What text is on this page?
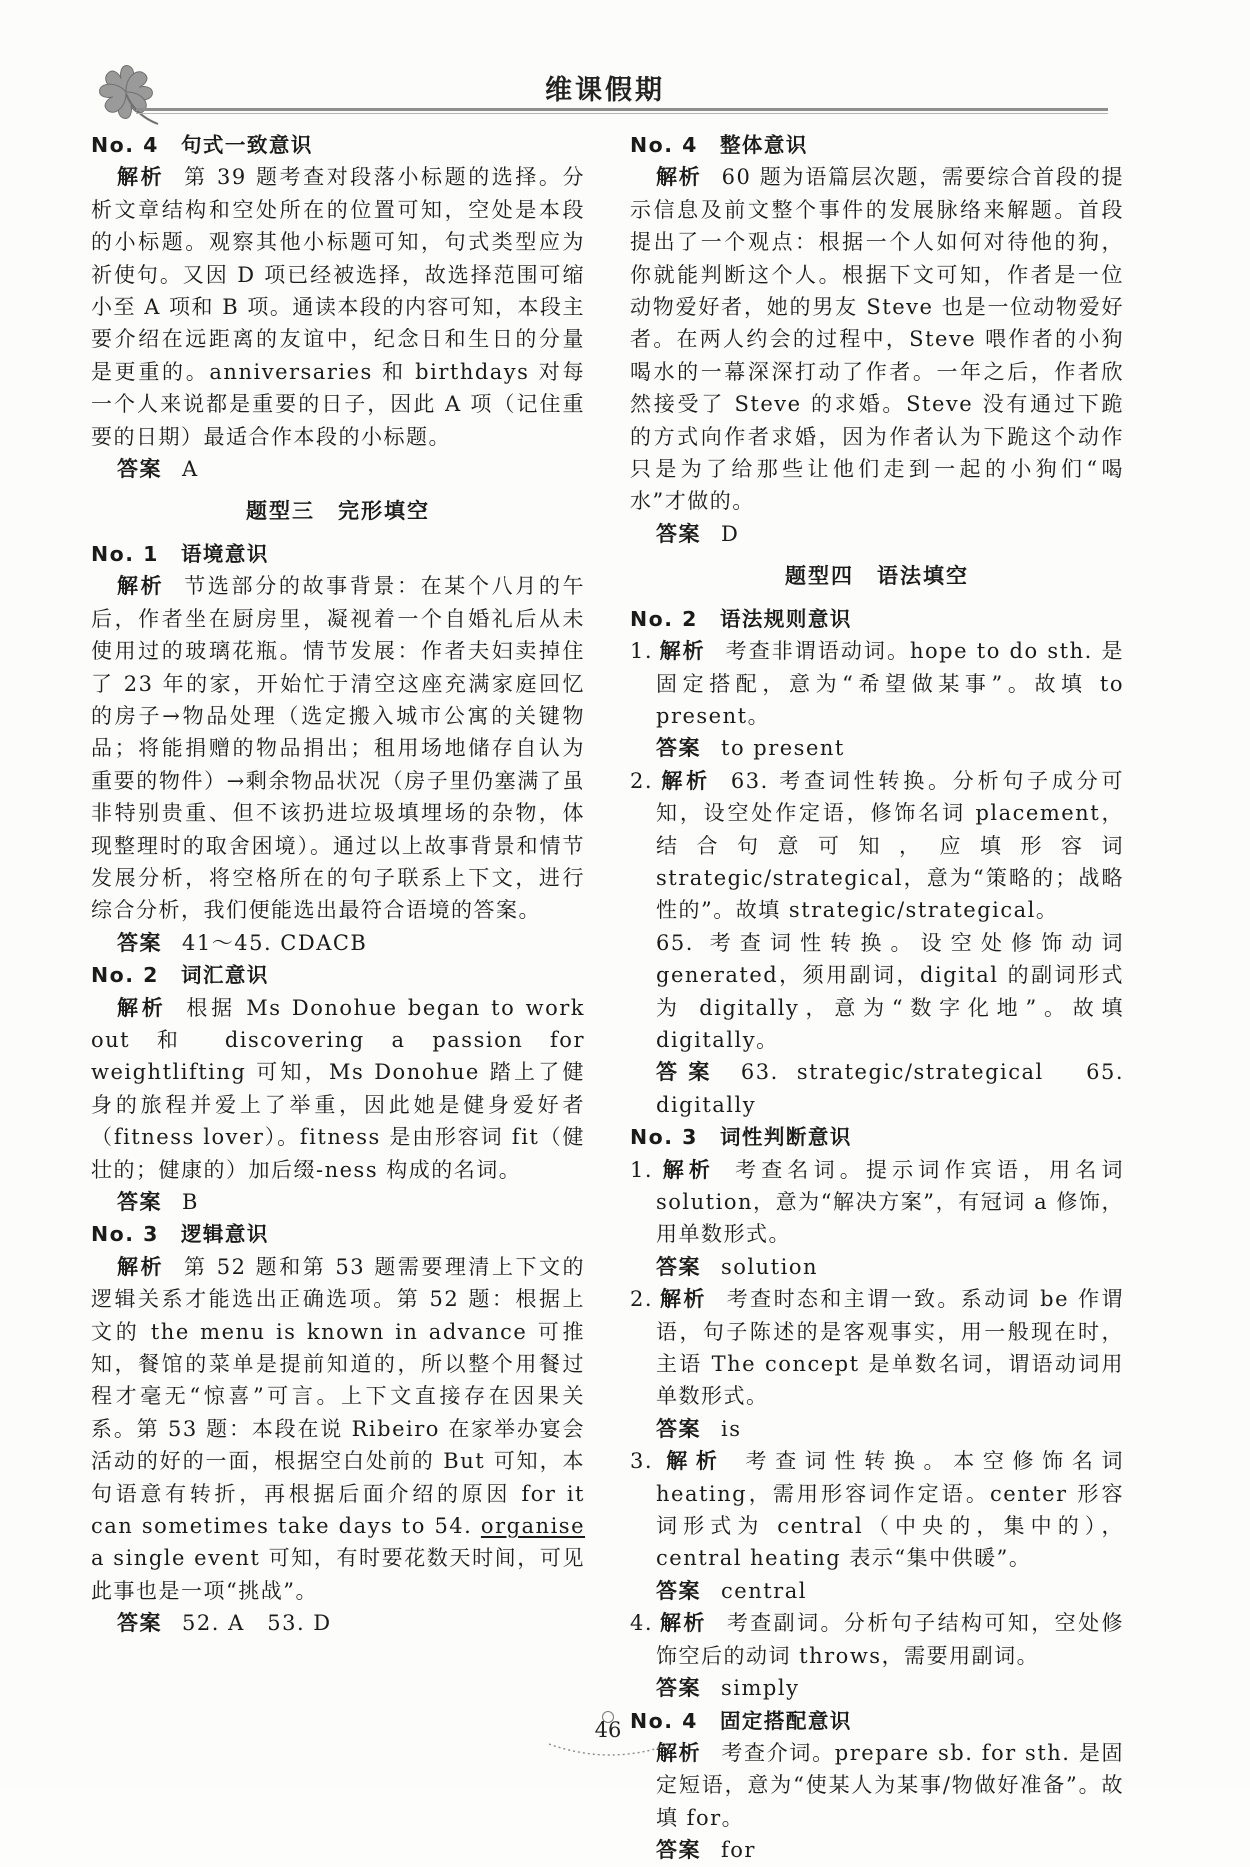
维课假期
No. 4 句式一致意识

解析 第 39 题考查对段落小标题的选择。分析文章结构和空处所在的位置可知，空处是本段的小标题。观察其他小标题可知，句式类型应为祈使句。又因 D 项已经被选择，故选择范围可缩小至 A 项和 B 项。通读本段的内容可知，本段主要介绍在远距离的友谊中，纪念日和生日的分量是更重的。anniversaries 和 birthdays 对每一个人来说都是重要的日子，因此 A 项（记住重要的日期）最适合作本段的小标题。

答案 A

题型三　完形填空
No. 1 语境意识

解析 节选部分的故事背景：在某个八月的午后，作者坐在厨房里，凝视着一个自婚礼后从未使用过的玻璃花瓶。情节发展：作者夫妇卖掉住了 23 年的家，开始忙于清空这座充满家庭回忆的房子→物品处理（选定搬入城市公寓的关键物品；将能捐赠的物品捐出；租用场地储存自认为重要的物件）→剩余物品状况（房子里仍塞满了虽非特别贵重、但不该扔进垃圾填埋场的杂物，体现整理时的取舍困境）。通过以上故事背景和情节发展分析，将空格所在的句子联系上下文，进行综合分析，我们便能选出最符合语境的答案。

答案 41～45. CDACB

No. 2 词汇意识

解析 根据 Ms Donohue began to work out 和 discovering a passion for weightlifting 可知，Ms Donohue 踏上了健身的旅程并爱上了举重，因此她是健身爱好者（fitness lover）。fitness 是由形容词 fit（健壮的；健康的）加后缀-ness 构成的名词。

答案 B

No. 3 逻辑意识

解析 第 52 题和第 53 题需要理清上下文的逻辑关系才能选出正确选项。第 52 题：根据上文的 the menu is known in advance 可推知，餐馆的菜单是提前知道的，所以整个用餐过程才毫无“惊喜”可言。上下文直接存在因果关系。第 53 题：本段在说 Ribeiro 在家举办宴会活动的好的一面，根据空白处前的 But 可知，本句语意有转折，再根据后面介绍的原因 for it can sometimes take days to 54. organise a single event 可知，有时要花数天时间，可见此事也是一项“挑战”。

答案 52. A　53. D

No. 4 整体意识

解析 60 题为语篇层次题，需要综合首段的提示信息及前文整个事件的发展脉络来解题。首段提出了一个观点：根据一个人如何对待他的狗，你就能判断这个人。根据下文可知，作者是一位动物爱好者，她的男友 Steve 也是一位动物爱好者。在两人约会的过程中，Steve 喂作者的小狗喝水的一幕深深打动了作者。一年之后，作者欣然接受了 Steve 的求婚。Steve 没有通过下跪的方式向作者求婚，因为作者认为下跪这个动作只是为了给那些让他们走到一起的小狗们“喝水”才做的。

答案 D

题型四　语法填空
No. 2 语法规则意识

1. 解析 考查非谓语动词。hope to do sth. 是固定搭配，意为“希望做某事”。故填 to present。

答案 to present

2. 解析 63. 考查词性转换。分析句子成分可知，设空处作定语，修饰名词 placement，结合句意可知，应填形容词 strategic/strategical，意为“策略的；战略性的”。故填 strategic/strategical。

65. 考查词性转换。设空处修饰动词 generated，须用副词，digital 的副词形式为 digitally，意为“数字化地”。故填 digitally。

答案 63. strategic/strategical　65. digitally

No. 3 词性判断意识

1. 解析 考查名词。提示词作宾语，用名词 solution，意为“解决方案”，有冠词 a 修饰，用单数形式。

答案 solution

2. 解析 考查时态和主谓一致。系动词 be 作谓语，句子陈述的是客观事实，用一般现在时，主语 The concept 是单数名词，谓语动词用单数形式。

答案 is

3. 解析 考查词性转换。本空修饰名词 heating，需用形容词作定语。center 形容词形式为 central（中央的，集中的），central heating 表示“集中供暖”。

答案 central

4. 解析 考查副词。分析句子结构可知，空处修饰空后的动词 throws，需要用副词。

答案 simply

No. 4 固定搭配意识

解析 考查介词。prepare sb. for sth. 是固定短语，意为“使某人为某事/物做好准备”。故填 for。

答案 for

46
